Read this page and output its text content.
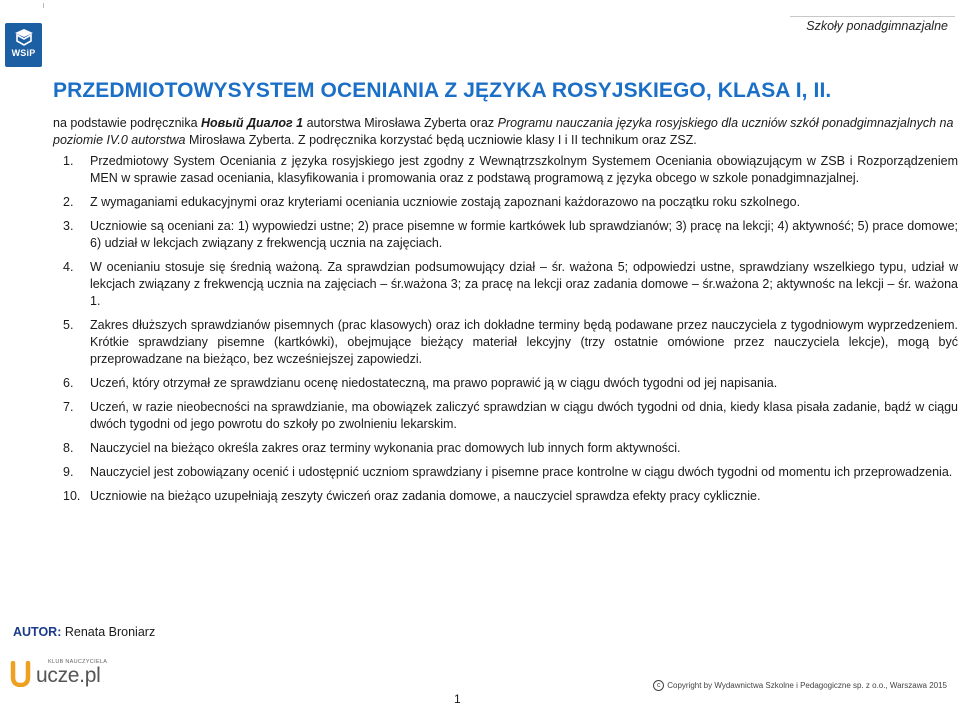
WSiP
Szkoły ponadgimnazjalne
PRZEDMIOTOWYSYSTEM OCENIANIA Z JĘZYKA ROSYJSKIEGO, KLASA I, II.

na podstawie podręcznika Новый Диалог 1 autorstwa Mirosława Zyberta oraz Programu nauczania języka rosyjskiego dla uczniów szkół ponadgimnazjalnych na poziomie IV.0 autorstwa Mirosława Zyberta. Z podręcznika korzystać będą uczniowie klasy I i II technikum oraz ZSZ.

1.	Przedmiotowy System Oceniania z języka rosyjskiego jest zgodny z Wewnątrzszkolnym Systemem Oceniania obowiązującym w ZSB i Rozporządzeniem MEN w sprawie zasad oceniania, klasyfikowania i promowania oraz z podstawą programową z języka obcego w szkole ponadgimnazjalnej.
2.	Z wymaganiami edukacyjnymi oraz kryteriami oceniania uczniowie zostają zapoznani każdorazowo na początku roku szkolnego.
3.	Uczniowie są oceniani za: 1) wypowiedzi ustne; 2) prace pisemne w formie kartkówek lub sprawdzianów; 3) pracę na lekcji; 4) aktywność; 5) prace domowe; 6) udział w lekcjach związany z frekwencją ucznia na zajęciach.
4.	W ocenianiu stosuje się średnią ważoną. Za sprawdzian podsumowujący dział – śr. ważona 5; odpowiedzi ustne, sprawdziany wszelkiego typu, udział w lekcjach związany z frekwencją ucznia na zajęciach – śr.ważona 3; za pracę na lekcji oraz zadania domowe – śr.ważona 2; aktywnośc na lekcji – śr. ważona 1.
5.	Zakres dłuższych sprawdzianów pisemnych (prac klasowych) oraz ich dokładne terminy będą podawane przez nauczyciela z tygodniowym wyprzedzeniem. Krótkie sprawdziany pisemne (kartkówki), obejmujące bieżący materiał lekcyjny (trzy ostatnie omówione przez nauczyciela lekcje), mogą być przeprowadzane na bieżąco, bez wcześniejszej zapowiedzi.
6.	Uczeń, który otrzymał ze sprawdzianu ocenę niedostateczną, ma prawo poprawić ją w ciągu dwóch tygodni od jej napisania.
7.	Uczeń, w razie nieobecności na sprawdzianie, ma obowiązek zaliczyć sprawdzian w ciągu dwóch tygodni od dnia, kiedy klasa pisała zadanie, bądź w ciągu dwóch tygodni od jego powrotu do szkoły po zwolnieniu lekarskim.
8.	Nauczyciel na bieżąco określa zakres oraz terminy wykonania prac domowych lub innych form aktywności.
9.	Nauczyciel jest zobowiązany ocenić i udostępnić uczniom sprawdziany i pisemne prace kontrolne w ciągu dwóch tygodni od momentu ich przeprowadzenia.
10. Uczniowie na bieżąco uzupełniają zeszyty ćwiczeń oraz zadania domowe, a nauczyciel sprawdza efekty pracy cyklicznie.
AUTOR: Renata Broniarz
KLUB NAUCZYCIELA
ucze.pl	c Copyright by Wydawnictwa Szkolne i Pedagogiczne sp. z o.o., Warszawa 2015
1
